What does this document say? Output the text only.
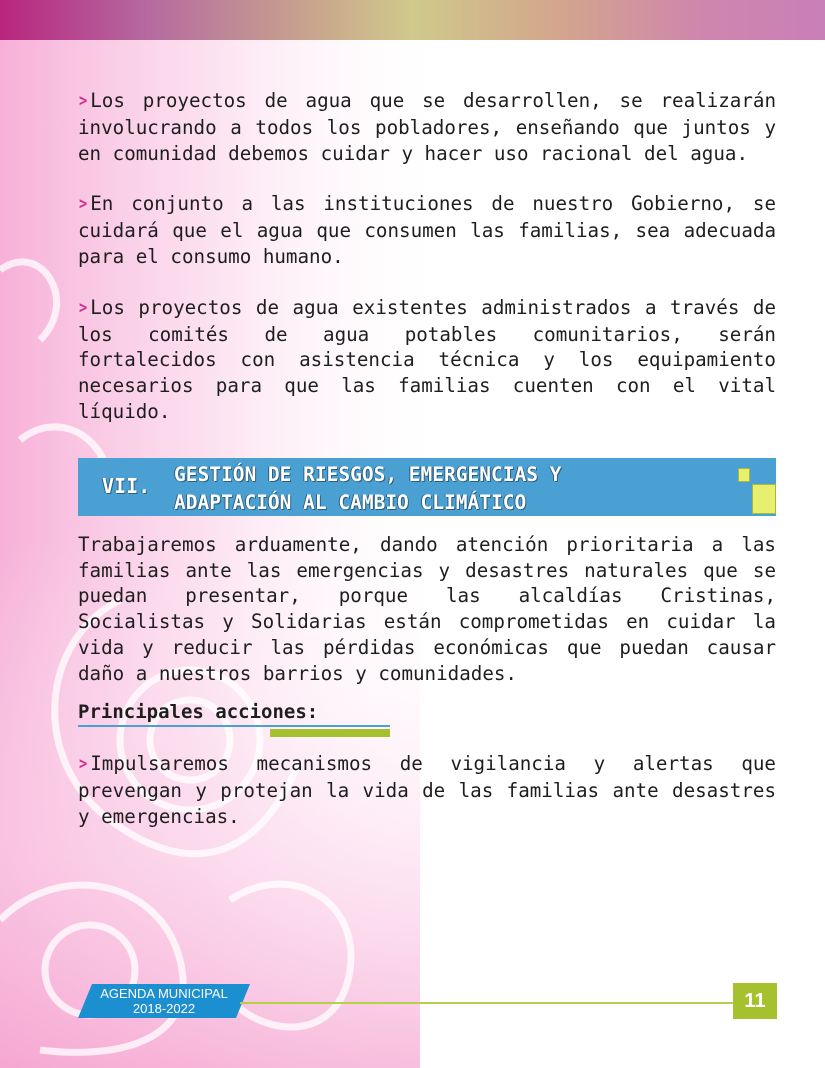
> Los proyectos de agua que se desarrollen, se realizarán involucrando a todos los pobladores, enseñando que juntos y en comunidad debemos cuidar y hacer uso racional del agua.

> En conjunto a las instituciones de nuestro Gobierno, se cuidará que el agua que consumen las familias, sea adecuada para el consumo humano.

> Los proyectos de agua existentes administrados a través de los comités de agua potables comunitarios, serán fortalecidos con asistencia técnica y los equipamiento necesarios para que las familias cuenten con el vital líquido.

VII. GESTIÓN DE RIESGOS, EMERGENCIAS Y
ADAPTACIÓN AL CAMBIO CLIMÁTICO

Trabajaremos arduamente, dando atención prioritaria a las familias ante las emergencias y desastres naturales que se puedan presentar, porque las alcaldías Cristinas, Socialistas y Solidarias están comprometidas en cuidar la vida y reducir las pérdidas económicas que puedan causar daño a nuestros barrios y comunidades.

Principales acciones:

> Impulsaremos mecanismos de vigilancia y alertas que prevengan y protejan la vida de las familias ante desastres y emergencias.

AGENDA MUNICIPAL
2018-2022	11
